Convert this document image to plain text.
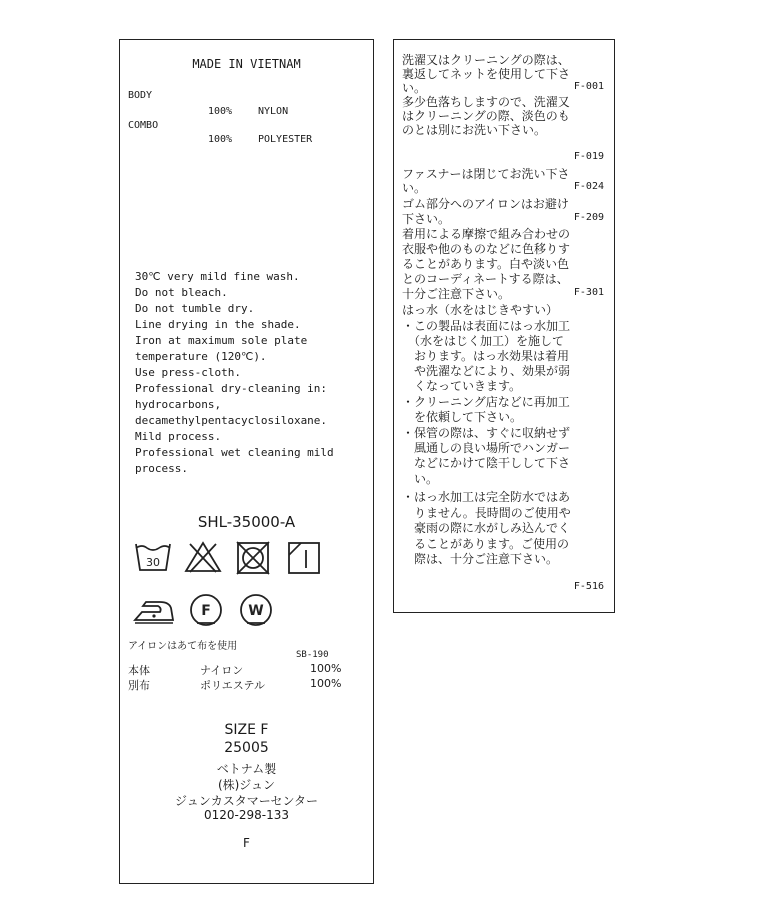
MADE IN VIETNAM
BODY
100%	NYLON
COMBO
100%	POLYESTER
30℃ very mild fine wash.
Do not bleach.
Do not tumble dry.
Line drying in the shade.
Iron at maximum sole plate
temperature (120℃).
Use press-cloth.
Professional dry-cleaning in:
hydrocarbons,
decamethylpentacyclosiloxane.
Mild process.
Professional wet cleaning mild
process.
SHL-35000-A
30
F	W
アイロンはあて布を使用
SB-190
本体	ナイロン	100%
別布	ポリエステル	100%
SIZE F
25005
ベトナム製
(株)ジュン
ジュンカスタマーセンター
0120-298-133
F
洗濯又はクリーニングの際は、
裏返してネットを使用して下さ
い。	F-001
多少色落ちしますので、洗濯又
はクリーニングの際、淡色のも
のとは別にお洗い下さい。
F-019
ファスナーは閉じてお洗い下さ
い。	F-024
ゴム部分へのアイロンはお避け
下さい。	F-209
着用による摩擦で組み合わせの
衣服や他のものなどに色移りす
ることがあります。白や淡い色
とのコーディネートする際は、
十分ご注意下さい。	F-301
はっ水（水をはじきやすい）
・この製品は表面にはっ水加工
　（水をはじく加工）を施して
　おります。はっ水効果は着用
　や洗濯などにより、効果が弱
　くなっていきます。
・クリーニング店などに再加工
　を依頼して下さい。
・保管の際は、すぐに収納せず
　風通しの良い場所でハンガー
　などにかけて陰干しして下さ
　い。
・はっ水加工は完全防水ではあ
　りません。長時間のご使用や
　豪雨の際に水がしみ込んでく
　ることがあります。ご使用の
　際は、十分ご注意下さい。
F-516
